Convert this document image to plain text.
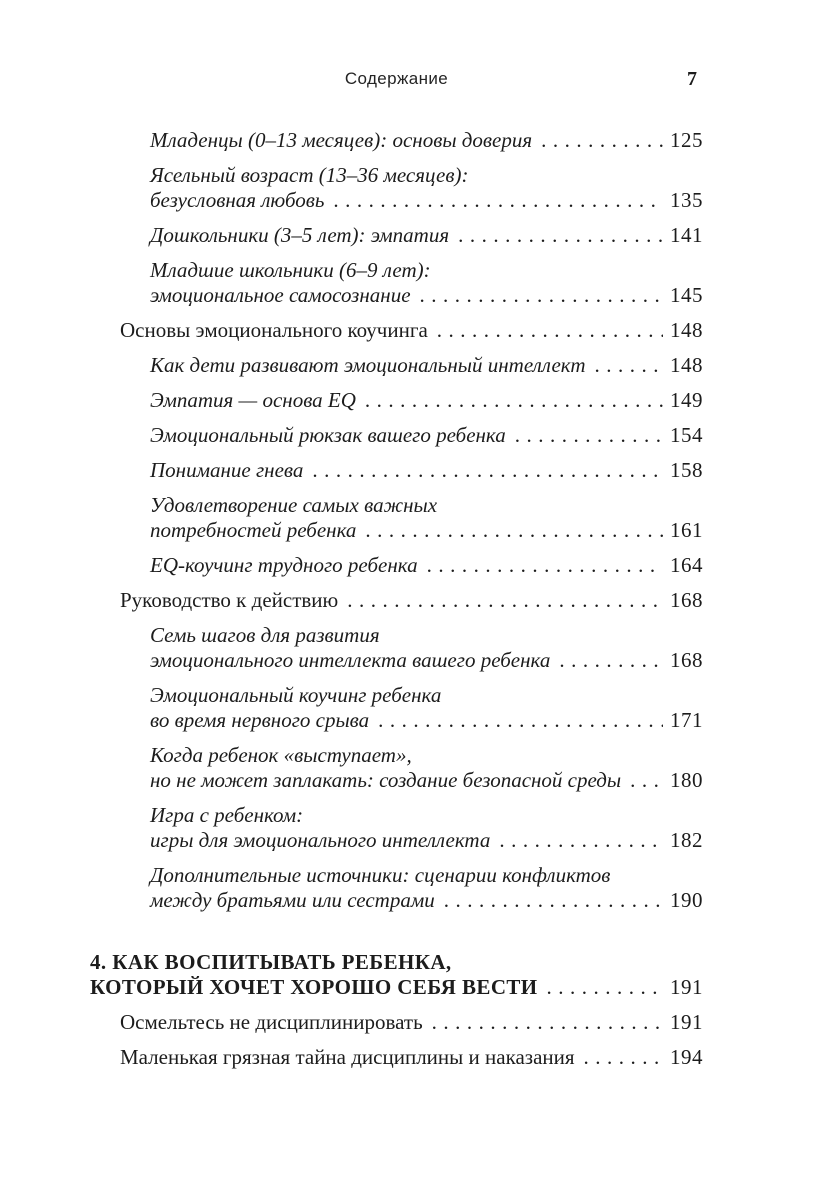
Содержание	7
Младенцы (0–13 месяцев): основы доверия .....	125
Ясельный возраст (13–36 месяцев):
безусловная любовь .....	135
Дошкольники (3–5 лет): эмпатия .....	141
Младшие школьники (6–9 лет):
эмоциональное самосознание .....	145
Основы эмоционального коучинга .....	148
Как дети развивают эмоциональный интеллект .....	148
Эмпатия — основа EQ .....	149
Эмоциональный рюкзак вашего ребенка .....	154
Понимание гнева .....	158
Удовлетворение самых важных
потребностей ребенка .....	161
EQ-коучинг трудного ребенка .....	164
Руководство к действию .....	168
Семь шагов для развития
эмоционального интеллекта вашего ребенка .....	168
Эмоциональный коучинг ребенка
во время нервного срыва .....	171
Когда ребенок «выступает»,
но не может заплакать: создание безопасной среды ..... 180
Игра с ребенком:
игры для эмоционального интеллекта .....	182
Дополнительные источники: сценарии конфликтов
между братьями или сестрами .....	190
4. КАК ВОСПИТЫВАТЬ РЕБЕНКА,
КОТОРЫЙ ХОЧЕТ ХОРОШО СЕБЯ ВЕСТИ .....	191
Осмельтесь не дисциплинировать .....	191
Маленькая грязная тайна дисциплины и наказания .....	194
